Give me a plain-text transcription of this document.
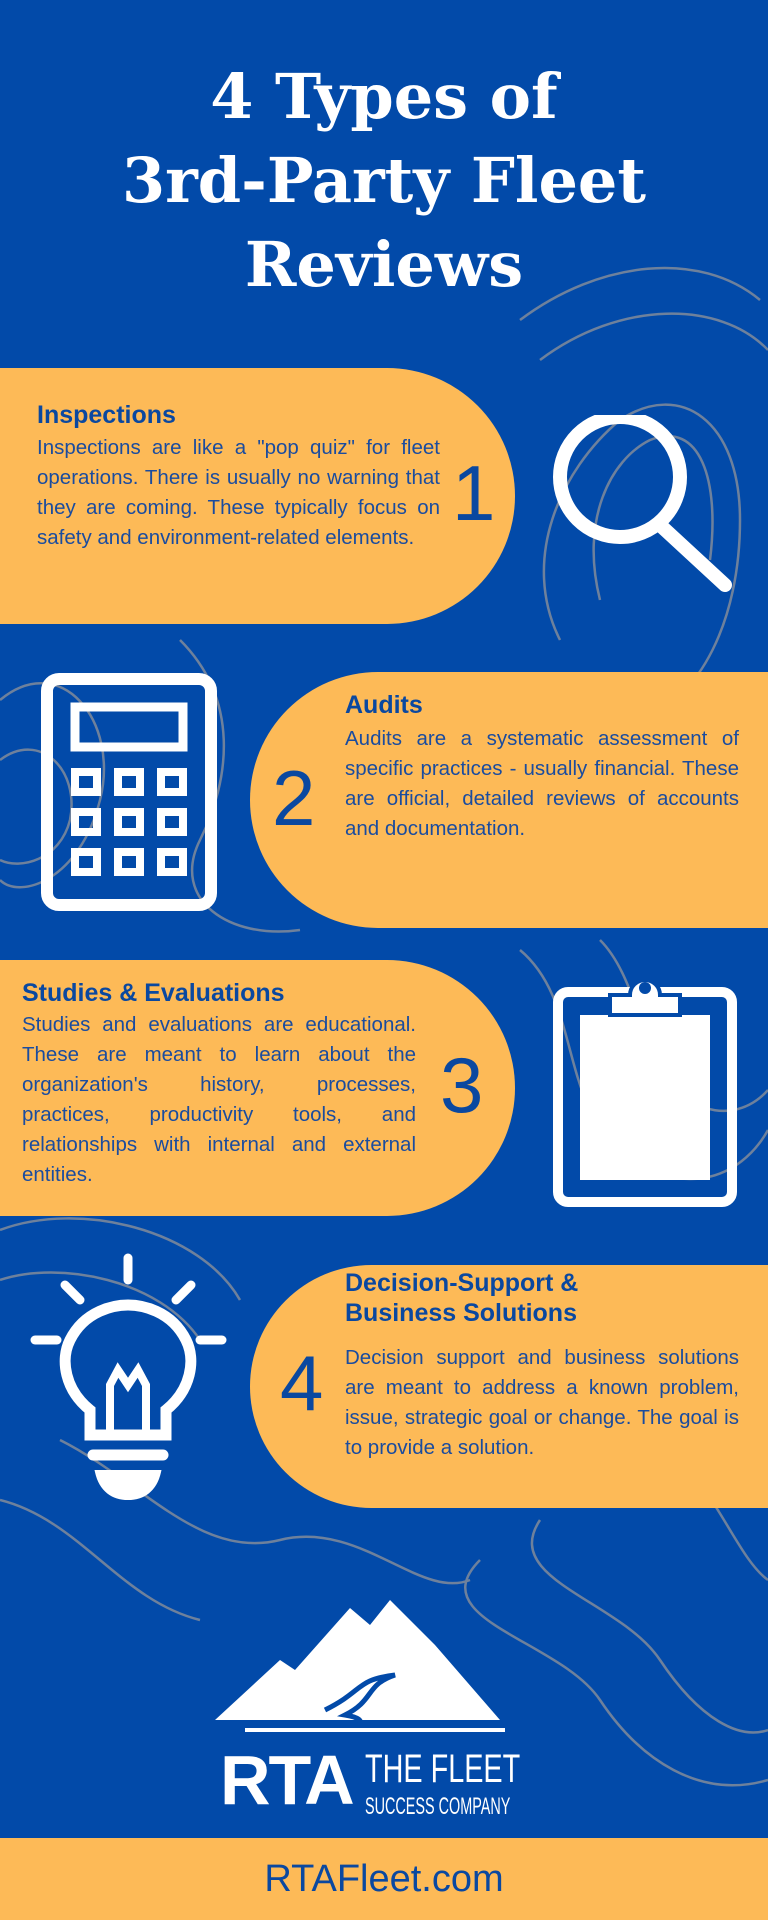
4 Types of
3rd-Party Fleet
Reviews
Inspections

Inspections are like a "pop quiz" for fleet operations. There is usually no warning that they are coming. These typically focus on safety and environment-related elements.

1
Audits

Audits are a systematic assessment of specific practices - usually financial. These are official, detailed reviews of accounts and documentation.

2
Studies & Evaluations

Studies and evaluations are educational. These are meant to learn about the organization's history, processes, practices, productivity tools, and relationships with internal and external entities.

3
Decision-Support & Business Solutions

Decision support and business solutions are meant to address a known problem, issue, strategic goal or change. The goal is to provide a solution.

4
RTA THE FLEET
SUCCESS COMPANY
RTAFleet.com
